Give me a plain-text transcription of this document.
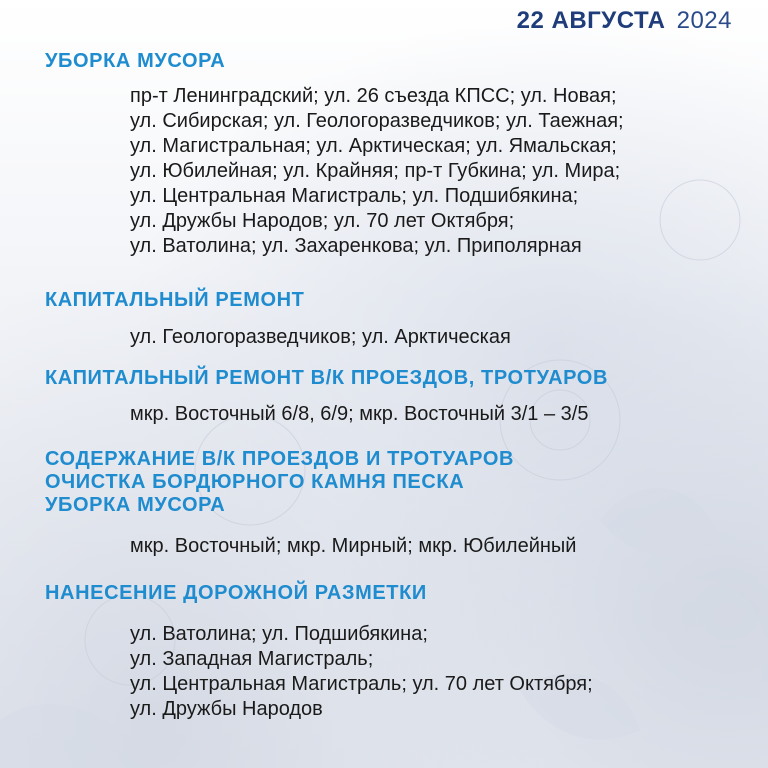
22 АВГУСТА 2024

УБОРКА МУСОРА

пр-т Ленинградский; ул. 26 съезда КПСС; ул. Новая;
ул. Сибирская; ул. Геологоразведчиков; ул. Таежная;
ул. Магистральная; ул. Арктическая; ул. Ямальская;
ул. Юбилейная; ул. Крайняя; пр-т Губкина; ул. Мира;
ул. Центральная Магистраль; ул. Подшибякина;
ул. Дружбы Народов; ул. 70 лет Октября;
ул. Ватолина; ул. Захаренкова; ул. Приполярная

КАПИТАЛЬНЫЙ РЕМОНТ

ул. Геологоразведчиков; ул. Арктическая

КАПИТАЛЬНЫЙ РЕМОНТ В/К ПРОЕЗДОВ, ТРОТУАРОВ

мкр. Восточный 6/8, 6/9; мкр. Восточный 3/1 – 3/5

СОДЕРЖАНИЕ В/К ПРОЕЗДОВ И ТРОТУАРОВ

ОЧИСТКА БОРДЮРНОГО КАМНЯ ПЕСКА

УБОРКА МУСОРА

мкр. Восточный; мкр. Мирный; мкр. Юбилейный

НАНЕСЕНИЕ ДОРОЖНОЙ РАЗМЕТКИ

ул. Ватолина; ул. Подшибякина;
ул. Западная Магистраль;
ул. Центральная Магистраль; ул. 70 лет Октября;
ул. Дружбы Народов
